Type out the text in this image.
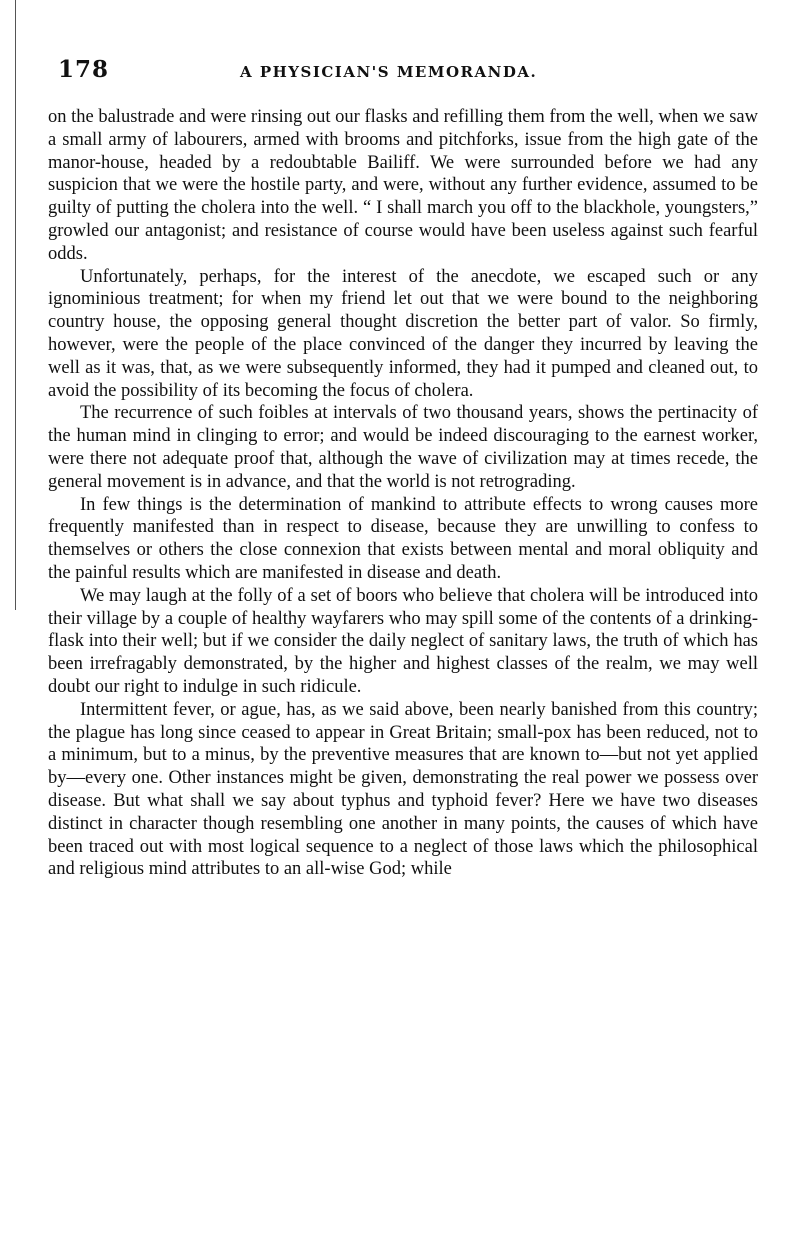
178	A PHYSICIAN'S MEMORANDA.

on the balustrade and were rinsing out our flasks and refilling them from the well, when we saw a small army of labourers, armed with brooms and pitchforks, issue from the high gate of the manor-house, headed by a redoubtable Bailiff. We were surrounded before we had any suspicion that we were the hostile party, and were, without any further evidence, assumed to be guilty of putting the cholera into the well. “ I shall march you off to the blackhole, youngsters,” growled our antagonist; and resistance of course would have been useless against such fearful odds.

Unfortunately, perhaps, for the interest of the anecdote, we escaped such or any ignominious treatment; for when my friend let out that we were bound to the neighboring country house, the opposing general thought discretion the better part of valor. So firmly, however, were the people of the place convinced of the danger they incurred by leaving the well as it was, that, as we were subsequently informed, they had it pumped and cleaned out, to avoid the possibility of its becoming the focus of cholera.

The recurrence of such foibles at intervals of two thousand years, shows the pertinacity of the human mind in clinging to error; and would be indeed discouraging to the earnest worker, were there not adequate proof that, although the wave of civilization may at times recede, the general movement is in advance, and that the world is not retrograding.

In few things is the determination of mankind to attribute effects to wrong causes more frequently manifested than in respect to disease, because they are unwilling to confess to themselves or others the close connexion that exists between mental and moral obliquity and the painful results which are manifested in disease and death.

We may laugh at the folly of a set of boors who believe that cholera will be introduced into their village by a couple of healthy wayfarers who may spill some of the contents of a drinking-flask into their well; but if we consider the daily neglect of sanitary laws, the truth of which has been irrefragably demonstrated, by the higher and highest classes of the realm, we may well doubt our right to indulge in such ridicule.

Intermittent fever, or ague, has, as we said above, been nearly banished from this country; the plague has long since ceased to appear in Great Britain; small-pox has been reduced, not to a minimum, but to a minus, by the preventive measures that are known to—but not yet applied by—every one. Other instances might be given, demonstrating the real power we possess over disease. But what shall we say about typhus and typhoid fever? Here we have two diseases distinct in character though resembling one another in many points, the causes of which have been traced out with most logical sequence to a neglect of those laws which the philosophical and religious mind attributes to an all-wise God; while
